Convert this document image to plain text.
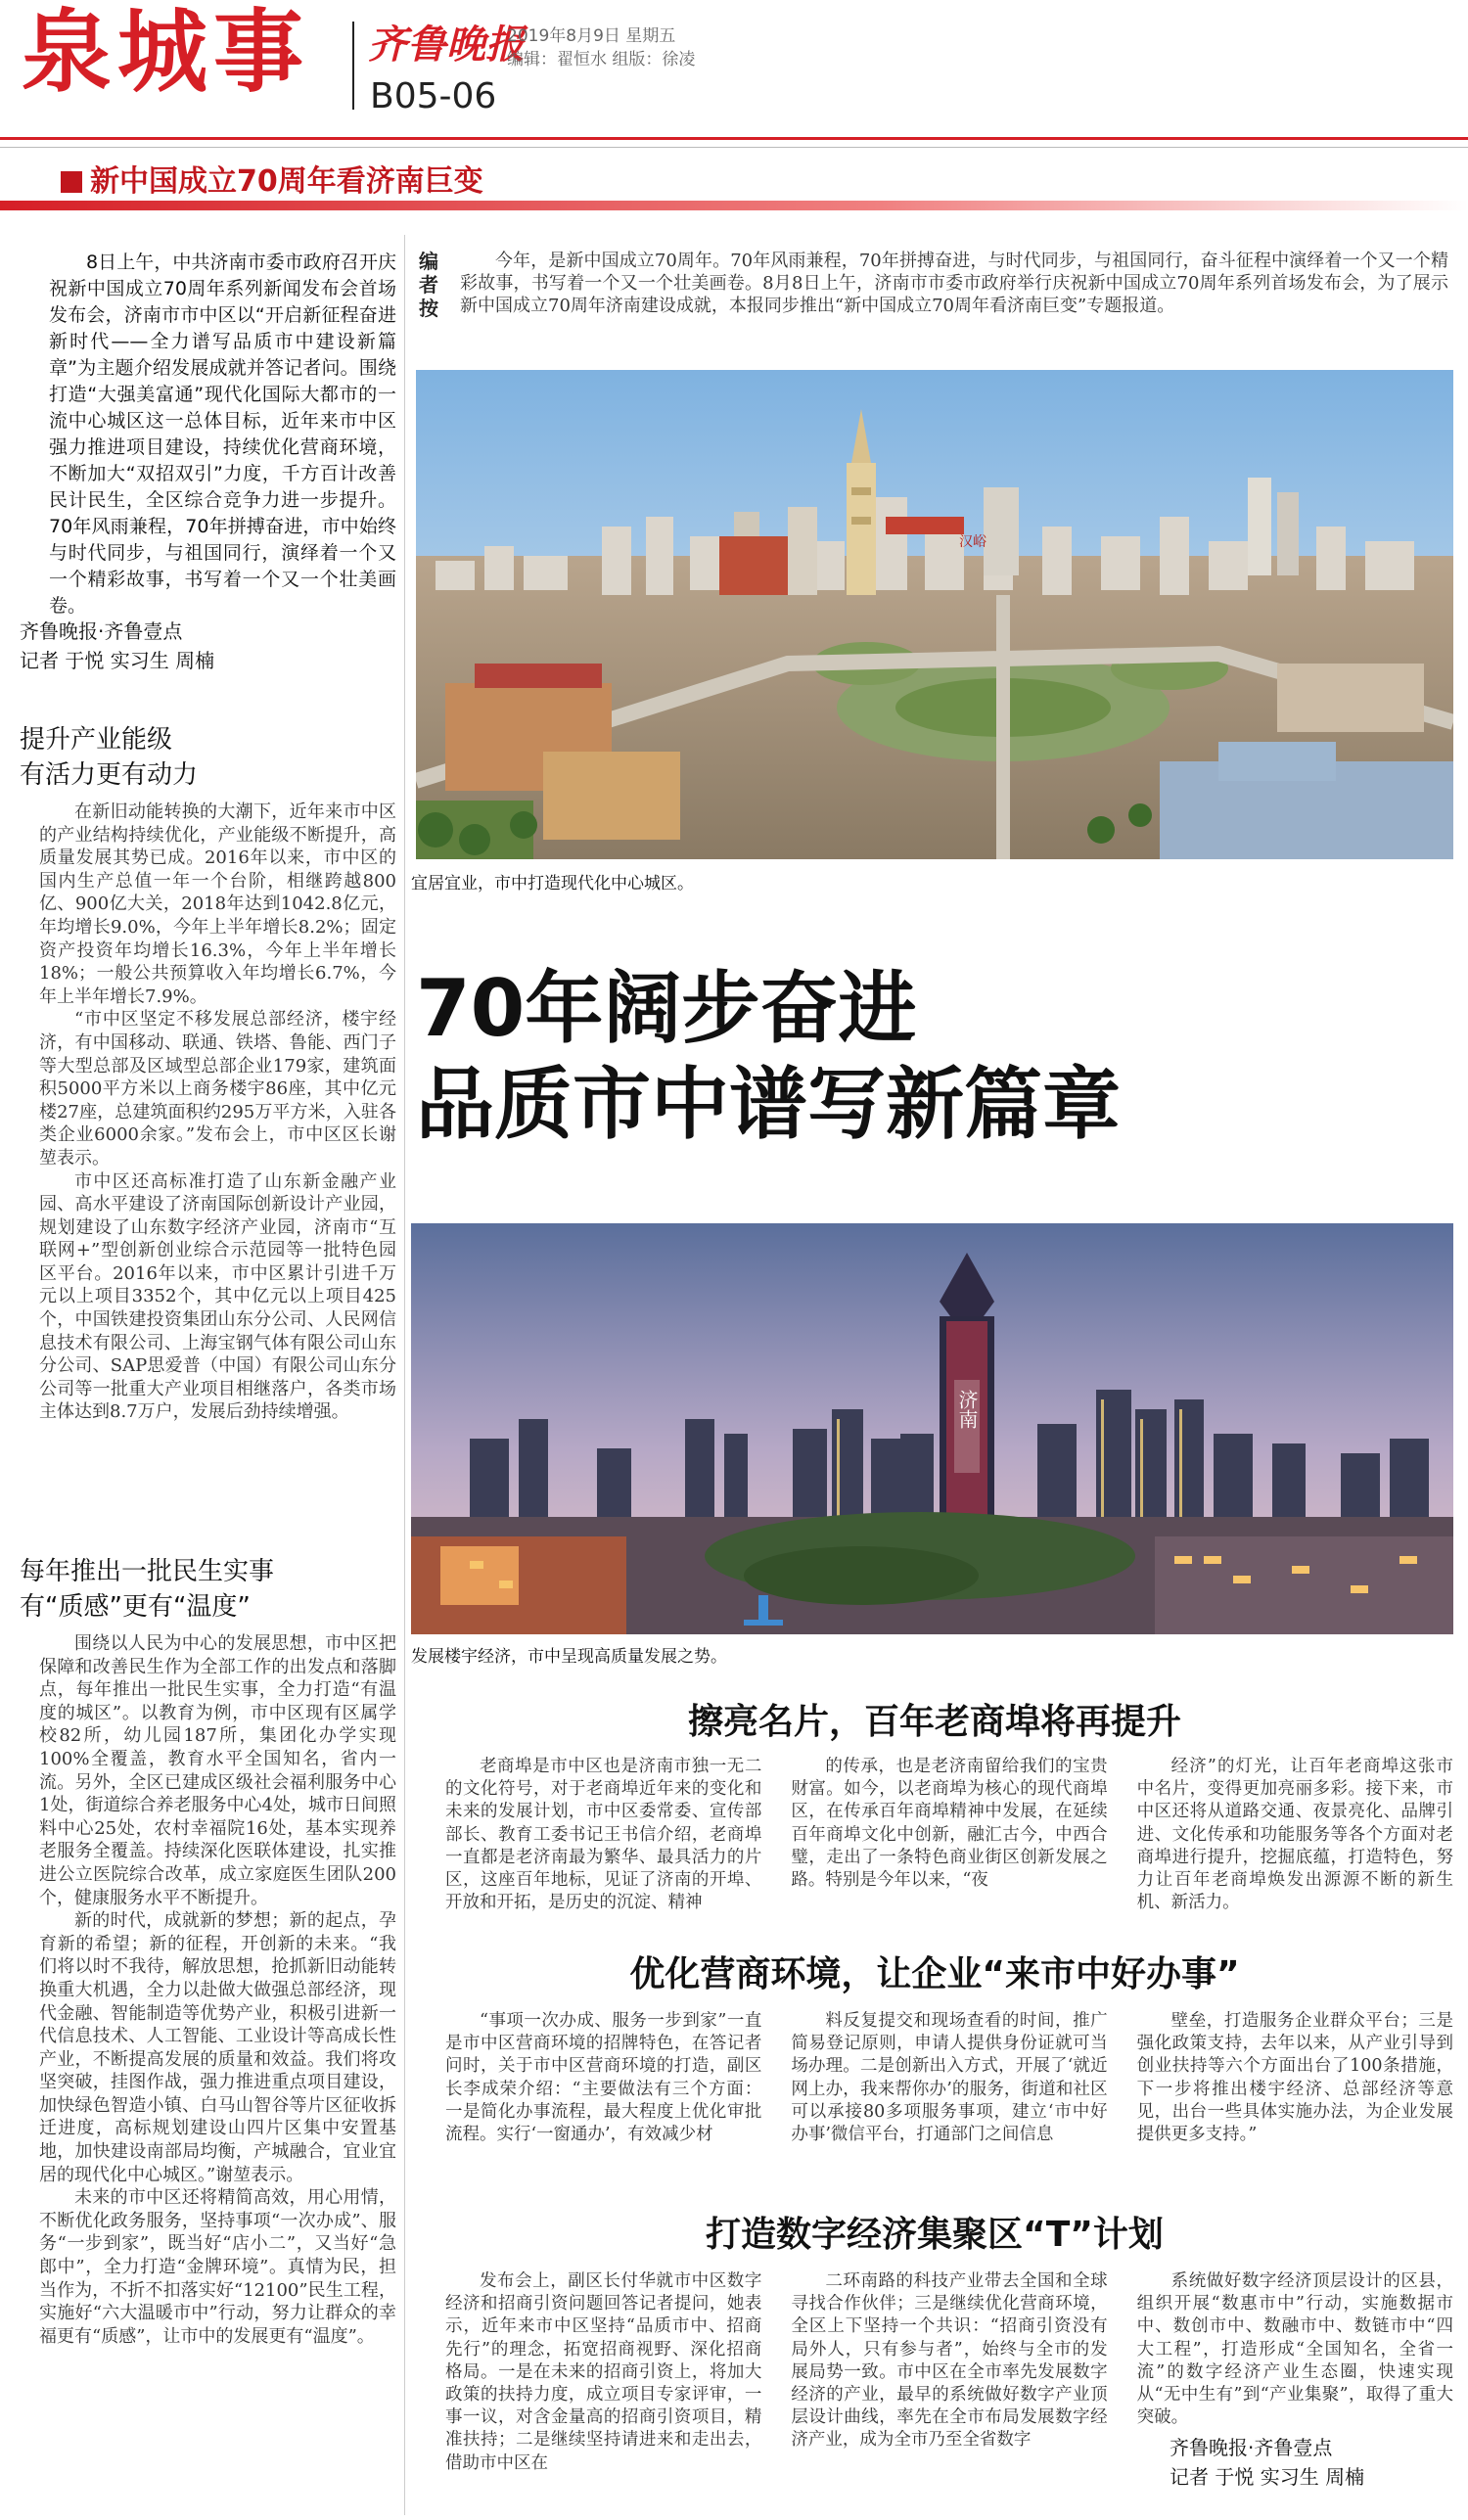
泉城事 齐鲁晚报
2019年8月9日 星期五
编辑：翟恒水 组版：徐凌
B05-06
新中国成立70周年看济南巨变
8日上午，中共济南市委市政府召开庆祝新中国成立70周年系列新闻发布会首场发布会，济南市市中区以“开启新征程奋进新时代——全力谱写品质市中建设新篇章”为主题介绍发展成就并答记者问。围绕打造“大强美富通”现代化国际大都市的一流中心城区这一总体目标，近年来市中区强力推进项目建设，持续优化营商环境，不断加大“双招双引”力度，千方百计改善民计民生，全区综合竞争力进一步提升。70年风雨兼程，70年拼搏奋进，市中始终与时代同步，与祖国同行，演绎着一个又一个精彩故事，书写着一个又一个壮美画卷。
齐鲁晚报·齐鲁壹点
记者 于悦 实习生 周楠
提升产业能级
有活力更有动力

在新旧动能转换的大潮下，近年来市中区的产业结构持续优化，产业能级不断提升，高质量发展其势已成。2016年以来，市中区的国内生产总值一年一个台阶，相继跨越800亿、900亿大关，2018年达到1042.8亿元，年均增长9.0%，今年上半年增长8.2%；固定资产投资年均增长16.3%，今年上半年增长18%；一般公共预算收入年均增长6.7%，今年上半年增长7.9%。

“市中区坚定不移发展总部经济，楼宇经济，有中国移动、联通、铁塔、鲁能、西门子等大型总部及区域型总部企业179家，建筑面积5000平方米以上商务楼宇86座，其中亿元楼27座，总建筑面积约295万平方米，入驻各类企业6000余家。”发布会上，市中区区长谢堃表示。

市中区还高标准打造了山东新金融产业园、高水平建设了济南国际创新设计产业园，规划建设了山东数字经济产业园，济南市“互联网+”型创新创业综合示范园等一批特色园区平台。2016年以来，市中区累计引进千万元以上项目3352个，其中亿元以上项目425个，中国铁建投资集团山东分公司、人民网信息技术有限公司、上海宝钢气体有限公司山东分公司、SAP思爱普（中国）有限公司山东分公司等一批重大产业项目相继落户，各类市场主体达到8.7万户，发展后劲持续增强。

每年推出一批民生实事
有“质感”更有“温度”

围绕以人民为中心的发展思想，市中区把保障和改善民生作为全部工作的出发点和落脚点，每年推出一批民生实事，全力打造“有温度的城区”。以教育为例，市中区现有区属学校82所，幼儿园187所，集团化办学实现100%全覆盖，教育水平全国知名，省内一流。另外，全区已建成区级社会福利服务中心1处，街道综合养老服务中心4处，城市日间照料中心25处，农村幸福院16处，基本实现养老服务全覆盖。持续深化医联体建设，扎实推进公立医院综合改革，成立家庭医生团队200个，健康服务水平不断提升。

新的时代，成就新的梦想；新的起点，孕育新的希望；新的征程，开创新的未来。“我们将以时不我待，解放思想，抢抓新旧动能转换重大机遇，全力以赴做大做强总部经济，现代金融、智能制造等优势产业，积极引进新一代信息技术、人工智能、工业设计等高成长性产业，不断提高发展的质量和效益。我们将攻坚突破，挂图作战，强力推进重点项目建设，加快绿色智造小镇、白马山智谷等片区征收拆迁进度，高标规划建设山四片区集中安置基地，加快建设南部局均衡，产城融合，宜业宜居的现代化中心城区。”谢堃表示。

未来的市中区还将精简高效，用心用情，不断优化政务服务，坚持事项“一次办成”、服务“一步到家”，既当好“店小二”，又当好“急郎中”，全力打造“金牌环境”。真情为民，担当作为，不折不扣落实好“12100”民生工程，实施好“六大温暖市中”行动，努力让群众的幸福更有“质感”，让市中的发展更有“温度”。

编者按
今年，是新中国成立70周年。70年风雨兼程，70年拼搏奋进，与时代同步，与祖国同行，奋斗征程中演绎着一个又一个精彩故事，书写着一个又一个壮美画卷。8月8日上午，济南市市委市政府举行庆祝新中国成立70周年系列首场发布会，为了展示新中国成立70周年济南建设成就，本报同步推出“新中国成立70周年看济南巨变”专题报道。
汉峪
宜居宜业，市中打造现代化中心城区。
70年阔步奋进
品质市中谱写新篇章
济南
发展楼宇经济，市中呈现高质量发展之势。
擦亮名片，百年老商埠将再提升
老商埠是市中区也是济南市独一无二的文化符号，对于老商埠近年来的变化和未来的发展计划，市中区委常委、宣传部部长、教育工委书记王书信介绍，老商埠一直都是老济南最为繁华、最具活力的片区，这座百年地标，见证了济南的开埠、开放和开拓，是历史的沉淀、精神
的传承，也是老济南留给我们的宝贵财富。如今，以老商埠为核心的现代商埠区，在传承百年商埠精神中发展，在延续百年商埠文化中创新，融汇古今，中西合璧，走出了一条特色商业街区创新发展之路。特别是今年以来，“夜
经济”的灯光，让百年老商埠这张市中名片，变得更加亮丽多彩。接下来，市中区还将从道路交通、夜景亮化、品牌引进、文化传承和功能服务等各个方面对老商埠进行提升，挖掘底蕴，打造特色，努力让百年老商埠焕发出源源不断的新生机、新活力。
优化营商环境，让企业“来市中好办事”
“事项一次办成、服务一步到家”一直是市中区营商环境的招牌特色，在答记者问时，关于市中区营商环境的打造，副区长李成荣介绍：“主要做法有三个方面：一是简化办事流程，最大程度上优化审批流程。实行‘一窗通办’，有效减少材
料反复提交和现场查看的时间，推广简易登记原则，申请人提供身份证就可当场办理。二是创新出入方式，开展了‘就近网上办，我来帮你办’的服务，街道和社区可以承接80多项服务事项，建立‘市中好办事’微信平台，打通部门之间信息
壁垒，打造服务企业群众平台；三是强化政策支持，去年以来，从产业引导到创业扶持等六个方面出台了100条措施，下一步将推出楼宇经济、总部经济等意见，出台一些具体实施办法，为企业发展提供更多支持。”
打造数字经济集聚区“T”计划
发布会上，副区长付华就市中区数字经济和招商引资问题回答记者提问，她表示，近年来市中区坚持“品质市中、招商先行”的理念，拓宽招商视野、深化招商格局。一是在未来的招商引资上，将加大政策的扶持力度，成立项目专家评审，一事一议，对含金量高的招商引资项目，精准扶持；二是继续坚持请进来和走出去，借助市中区在
二环南路的科技产业带去全国和全球寻找合作伙伴；三是继续优化营商环境，全区上下坚持一个共识：“招商引资没有局外人，只有参与者”，始终与全市的发展局势一致。市中区在全市率先发展数字经济的产业，最早的系统做好数字产业顶层设计曲线，率先在全市布局发展数字经济产业，成为全市乃至全省数字
系统做好数字经济顶层设计的区县，组织开展“数惠市中”行动，实施数据市中、数创市中、数融市中、数链市中“四大工程”，打造形成“全国知名，全省一流”的数字经济产业生态圈，快速实现从“无中生有”到“产业集聚”，取得了重大突破。
齐鲁晚报·齐鲁壹点
记者 于悦 实习生 周楠
